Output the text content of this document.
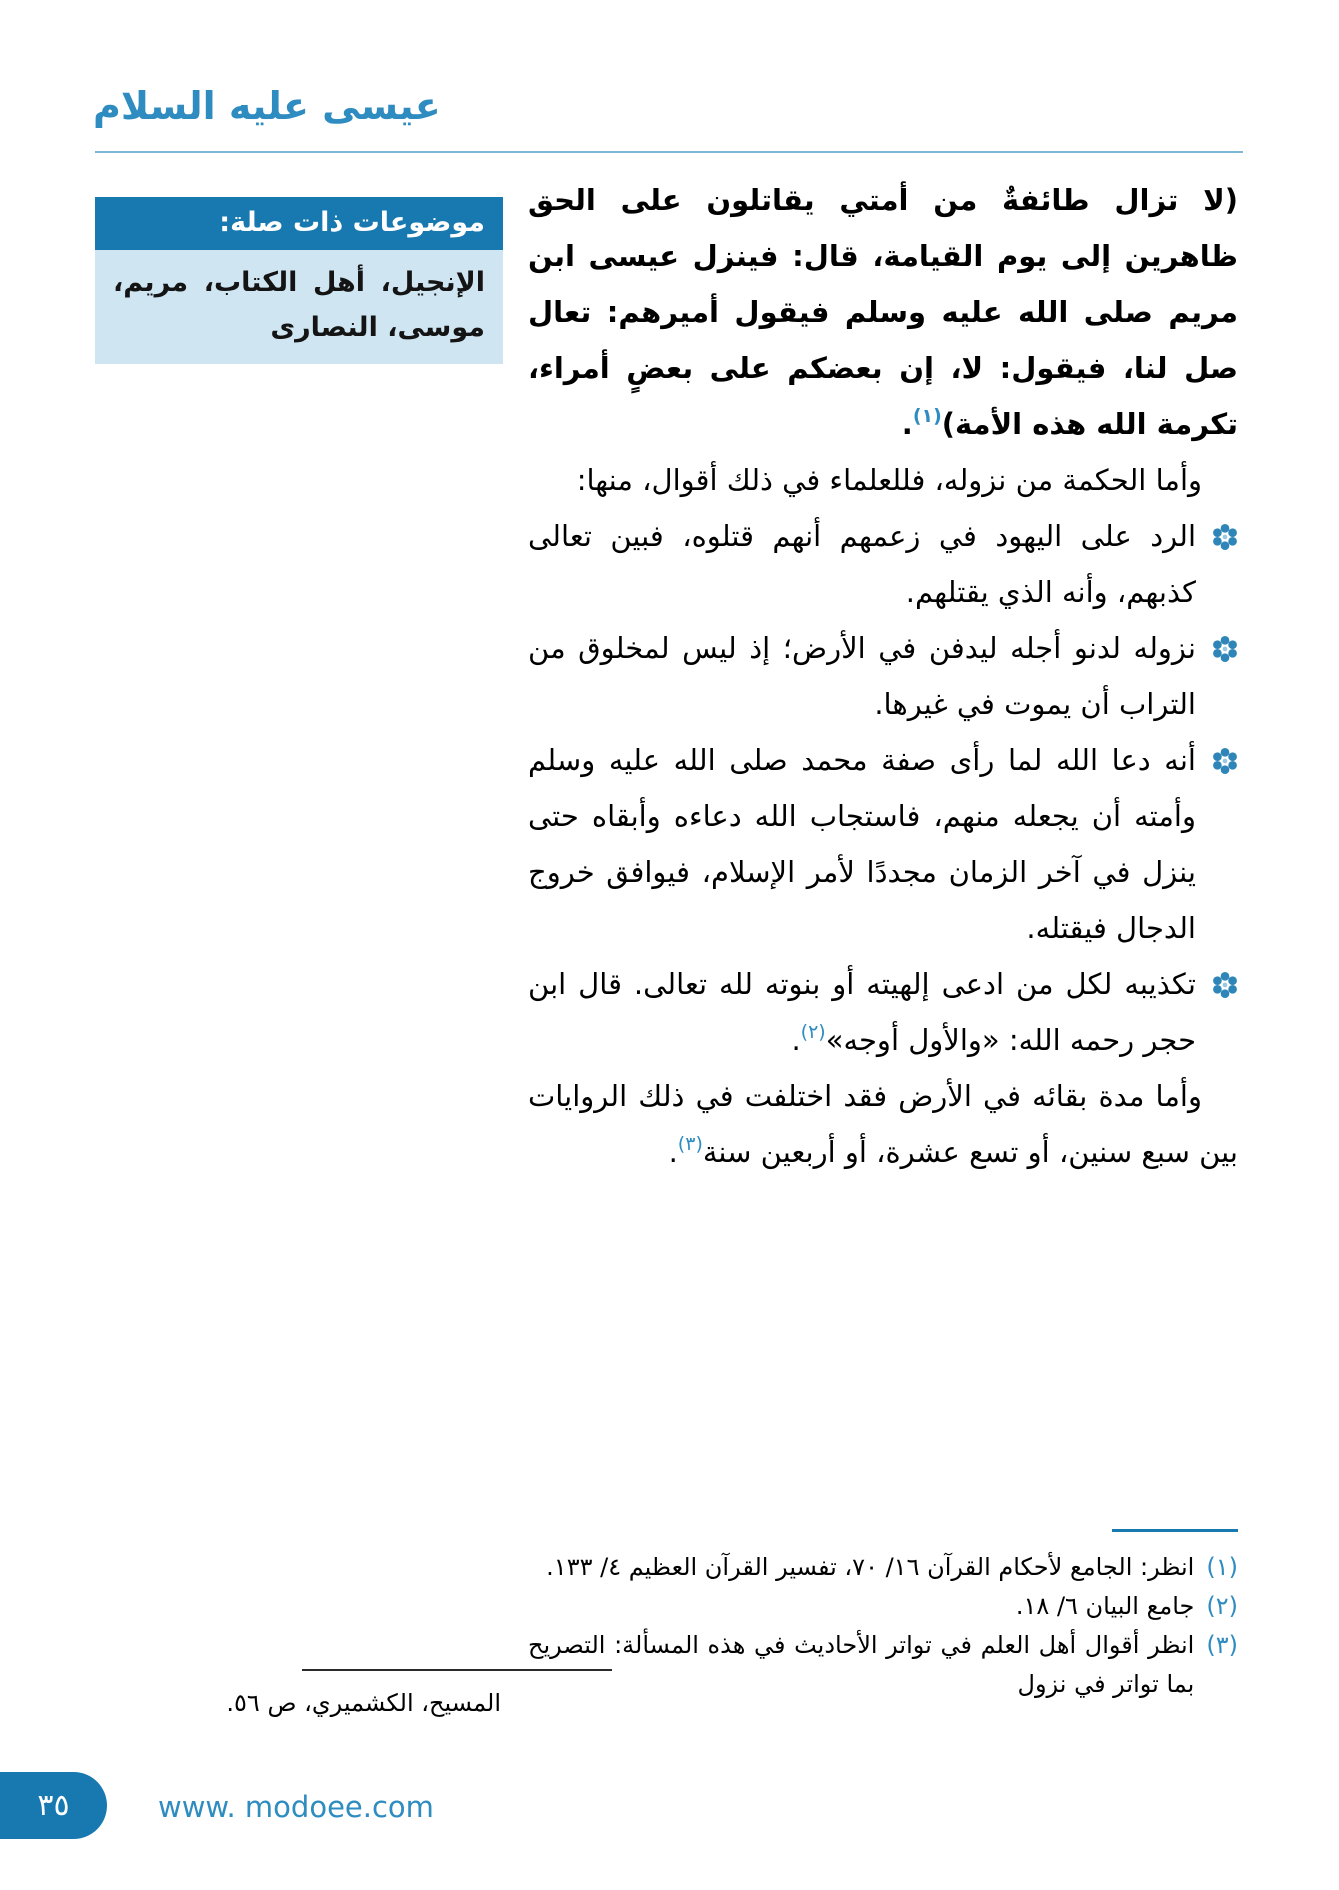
عيسى عليه السلام
موضوعات ذات صلة:
الإنجيل، أهل الكتاب، مريم، موسى، النصارى
(لا تزال طائفةٌ من أمتي يقاتلون على الحق ظاهرين إلى يوم القيامة، قال: فينزل عيسى ابن مريم صلى الله عليه وسلم فيقول أميرهم: تعال صل لنا، فيقول: لا، إن بعضكم على بعضٍ أمراء، تكرمة الله هذه الأمة)$^{(١)}$.
وأما الحكمة من نزوله، فللعلماء في ذلك أقوال، منها:
الرد على اليهود في زعمهم أنهم قتلوه، فبين تعالى كذبهم، وأنه الذي يقتلهم.
نزوله لدنو أجله ليدفن في الأرض؛ إذ ليس لمخلوق من التراب أن يموت في غيرها.
أنه دعا الله لما رأى صفة محمد صلى الله عليه وسلم وأمته أن يجعله منهم، فاستجاب الله دعاءه وأبقاه حتى ينزل في آخر الزمان مجددًا لأمر الإسلام، فيوافق خروج الدجال فيقتله.
تكذيبه لكل من ادعى إلهيته أو بنوته لله تعالى. قال ابن حجر رحمه الله: «والأول أوجه»$^{(٢)}$.
وأما مدة بقائه في الأرض فقد اختلفت في ذلك الروايات بين سبع سنين، أو تسع عشرة، أو أربعين سنة$^{(٣)}$.
(١)
انظر: الجامع لأحكام القرآن ١٦/ ٧٠، تفسير القرآن العظيم ٤/ ١٣٣.
(٢)
جامع البيان ٦/ ١٨.
(٣)
انظر أقوال أهل العلم في تواتر الأحاديث في هذه المسألة: التصريح بما تواتر في نزول
المسيح، الكشميري، ص ٥٦.
٣٥	www. modoee.com
